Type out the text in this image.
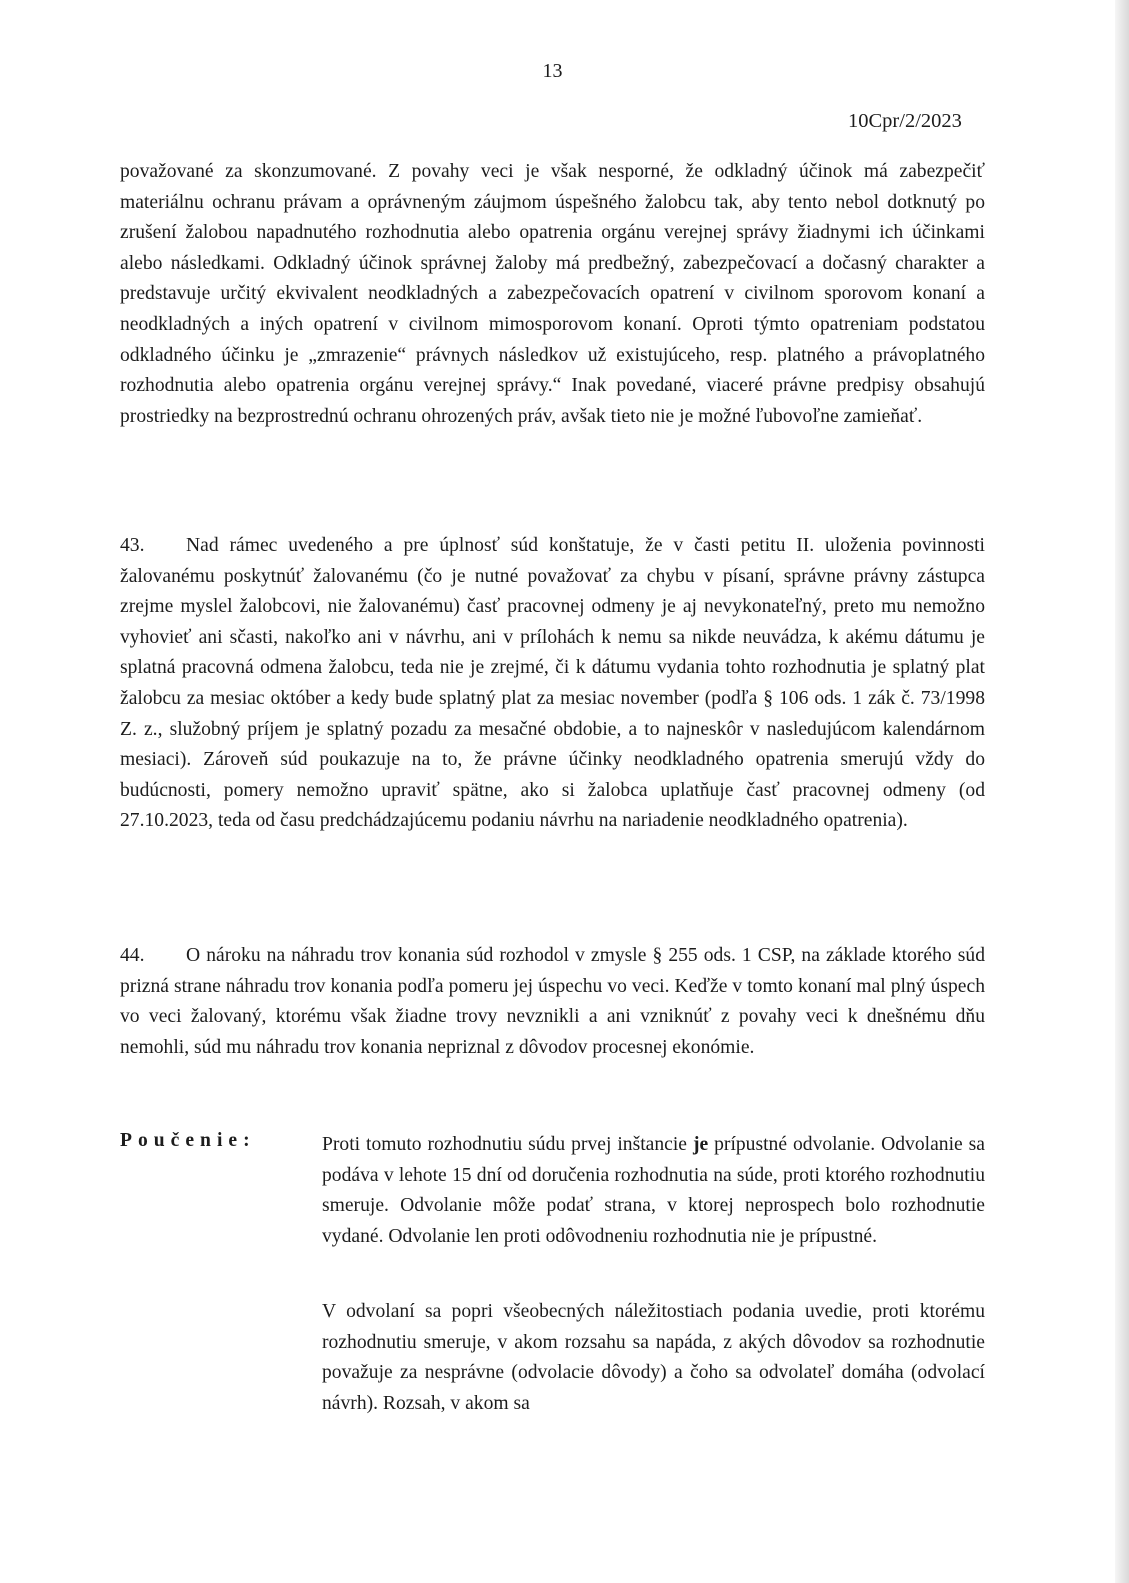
13
10Cpr/2/2023
považované za skonzumované. Z povahy veci je však nesporné, že odkladný účinok má zabezpečiť materiálnu ochranu právam a oprávneným záujmom úspešného žalobcu tak, aby tento nebol dotknutý po zrušení žalobou napadnutého rozhodnutia alebo opatrenia orgánu verejnej správy žiadnymi ich účinkami alebo následkami. Odkladný účinok správnej žaloby má predbežný, zabezpečovací a dočasný charakter a predstavuje určitý ekvivalent neodkladných a zabezpečovacích opatrení v civilnom sporovom konaní a neodkladných a iných opatrení v civilnom mimosporovom konaní. Oproti týmto opatreniam podstatou odkladného účinku je „zmrazenie“ právnych následkov už existujúceho, resp. platného a právoplatného rozhodnutia alebo opatrenia orgánu verejnej správy.“ Inak povedané, viaceré právne predpisy obsahujú prostriedky na bezprostrednú ochranu ohrozených práv, avšak tieto nie je možné ľubovoľne zamieňať.
43. Nad rámec uvedeného a pre úplnosť súd konštatuje, že v časti petitu II. uloženia povinnosti žalovanému poskytnúť žalovanému (čo je nutné považovať za chybu v písaní, správne právny zástupca zrejme myslel žalobcovi, nie žalovanému) časť pracovnej odmeny je aj nevykonateľný, preto mu nemožno vyhovieť ani sčasti, nakoľko ani v návrhu, ani v prílohách k nemu sa nikde neuvádza, k akému dátumu je splatná pracovná odmena žalobcu, teda nie je zrejmé, či k dátumu vydania tohto rozhodnutia je splatný plat žalobcu za mesiac október a kedy bude splatný plat za mesiac november (podľa § 106 ods. 1 zák č. 73/1998 Z. z., služobný príjem je splatný pozadu za mesačné obdobie, a to najneskôr v nasledujúcom kalendárnom mesiaci). Zároveň súd poukazuje na to, že právne účinky neodkladného opatrenia smerujú vždy do budúcnosti, pomery nemožno upraviť spätne, ako si žalobca uplatňuje časť pracovnej odmeny (od 27.10.2023, teda od času predchádzajúcemu podaniu návrhu na nariadenie neodkladného opatrenia).
44. O nároku na náhradu trov konania súd rozhodol v zmysle § 255 ods. 1 CSP, na základe ktorého súd prizná strane náhradu trov konania podľa pomeru jej úspechu vo veci. Keďže v tomto konaní mal plný úspech vo veci žalovaný, ktorému však žiadne trovy nevznikli a ani vzniknúť z povahy veci k dnešnému dňu nemohli, súd mu náhradu trov konania nepriznal z dôvodov procesnej ekonómie.
Poučenie:	Proti tomuto rozhodnutiu súdu prvej inštancie je prípustné odvolanie. Odvolanie sa podáva v lehote 15 dní od doručenia rozhodnutia na súde, proti ktorého rozhodnutiu smeruje. Odvolanie môže podať strana, v ktorej neprospech bolo rozhodnutie vydané. Odvolanie len proti odôvodneniu rozhodnutia nie je prípustné.
V odvolaní sa popri všeobecných náležitostiach podania uvedie, proti ktorému rozhodnutiu smeruje, v akom rozsahu sa napáda, z akých dôvodov sa rozhodnutie považuje za nesprávne (odvolacie dôvody) a čoho sa odvolateľ domáha (odvolací návrh). Rozsah, v akom sa
